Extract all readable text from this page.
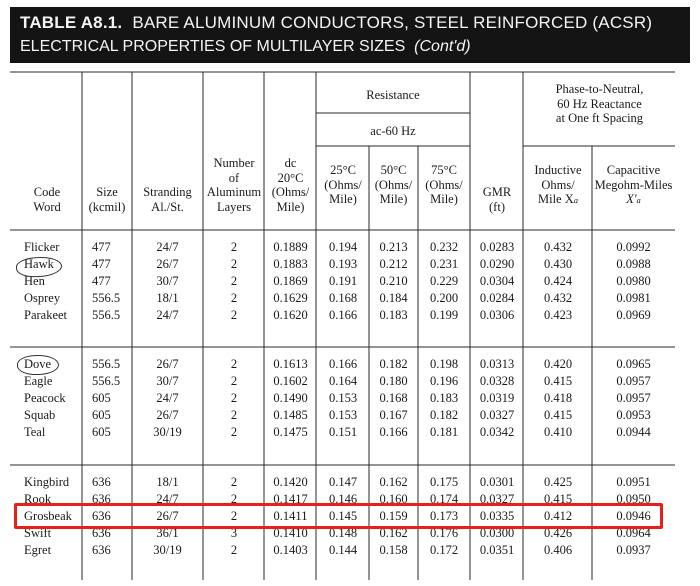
TABLE A8.1. BARE ALUMINUM CONDUCTORS, STEEL REINFORCED (ACSR)
ELECTRICAL PROPERTIES OF MULTILAYER SIZES (Cont'd)
Code
Word
Size
(kcmil)
Stranding
Al./St.
Number
of
Aluminum
Layers
dc
20°C
(Ohms/
Mile)
Resistance
ac-60 Hz
25°C
(Ohms/
Mile)
50°C
(Ohms/
Mile)
75°C
(Ohms/
Mile)	GMR
(ft)
Phase-to-Neutral,
60 Hz Reactance
at One ft Spacing
Inductive
Ohms/
Mile Xa
Capacitive
Megohm-Miles
X'a
Flicker	477	24/7	2	0.1889	0.194	0.213	0.232	0.0283	0.432	0.0992
Hawk	477	26/7	2	0.1883	0.193	0.212	0.231	0.0290	0.430	0.0988
Hen	477	30/7	2	0.1869	0.191	0.210	0.229	0.0304	0.424	0.0980
Osprey	556.5	18/1	2	0.1629	0.168	0.184	0.200	0.0284	0.432	0.0981
Parakeet	556.5	24/7	2	0.1620	0.166	0.183	0.199	0.0306	0.423	0.0969
Dove	556.5	26/7	2	0.1613	0.166	0.182	0.198	0.0313	0.420	0.0965
Eagle	556.5	30/7	2	0.1602	0.164	0.180	0.196	0.0328	0.415	0.0957
Peacock	605	24/7	2	0.1490	0.153	0.168	0.183	0.0319	0.418	0.0957
Squab	605	26/7	2	0.1485	0.153	0.167	0.182	0.0327	0.415	0.0953
Teal	605	30/19	2	0.1475	0.151	0.166	0.181	0.0342	0.410	0.0944
Kingbird	636	18/1	2	0.1420	0.147	0.162	0.175	0.0301	0.425	0.0951
Rook	636	24/7	2	0.1417	0.146	0.160	0.174	0.0327	0.415	0.0950
Grosbeak	636	26/7	2	0.1411	0.145	0.159	0.173	0.0335	0.412	0.0946
Swift	636	36/1	3	0.1410	0.148	0.162	0.176	0.0300	0.426	0.0964
Egret	636	30/19	2	0.1403	0.144	0.158	0.172	0.0351	0.406	0.0937
